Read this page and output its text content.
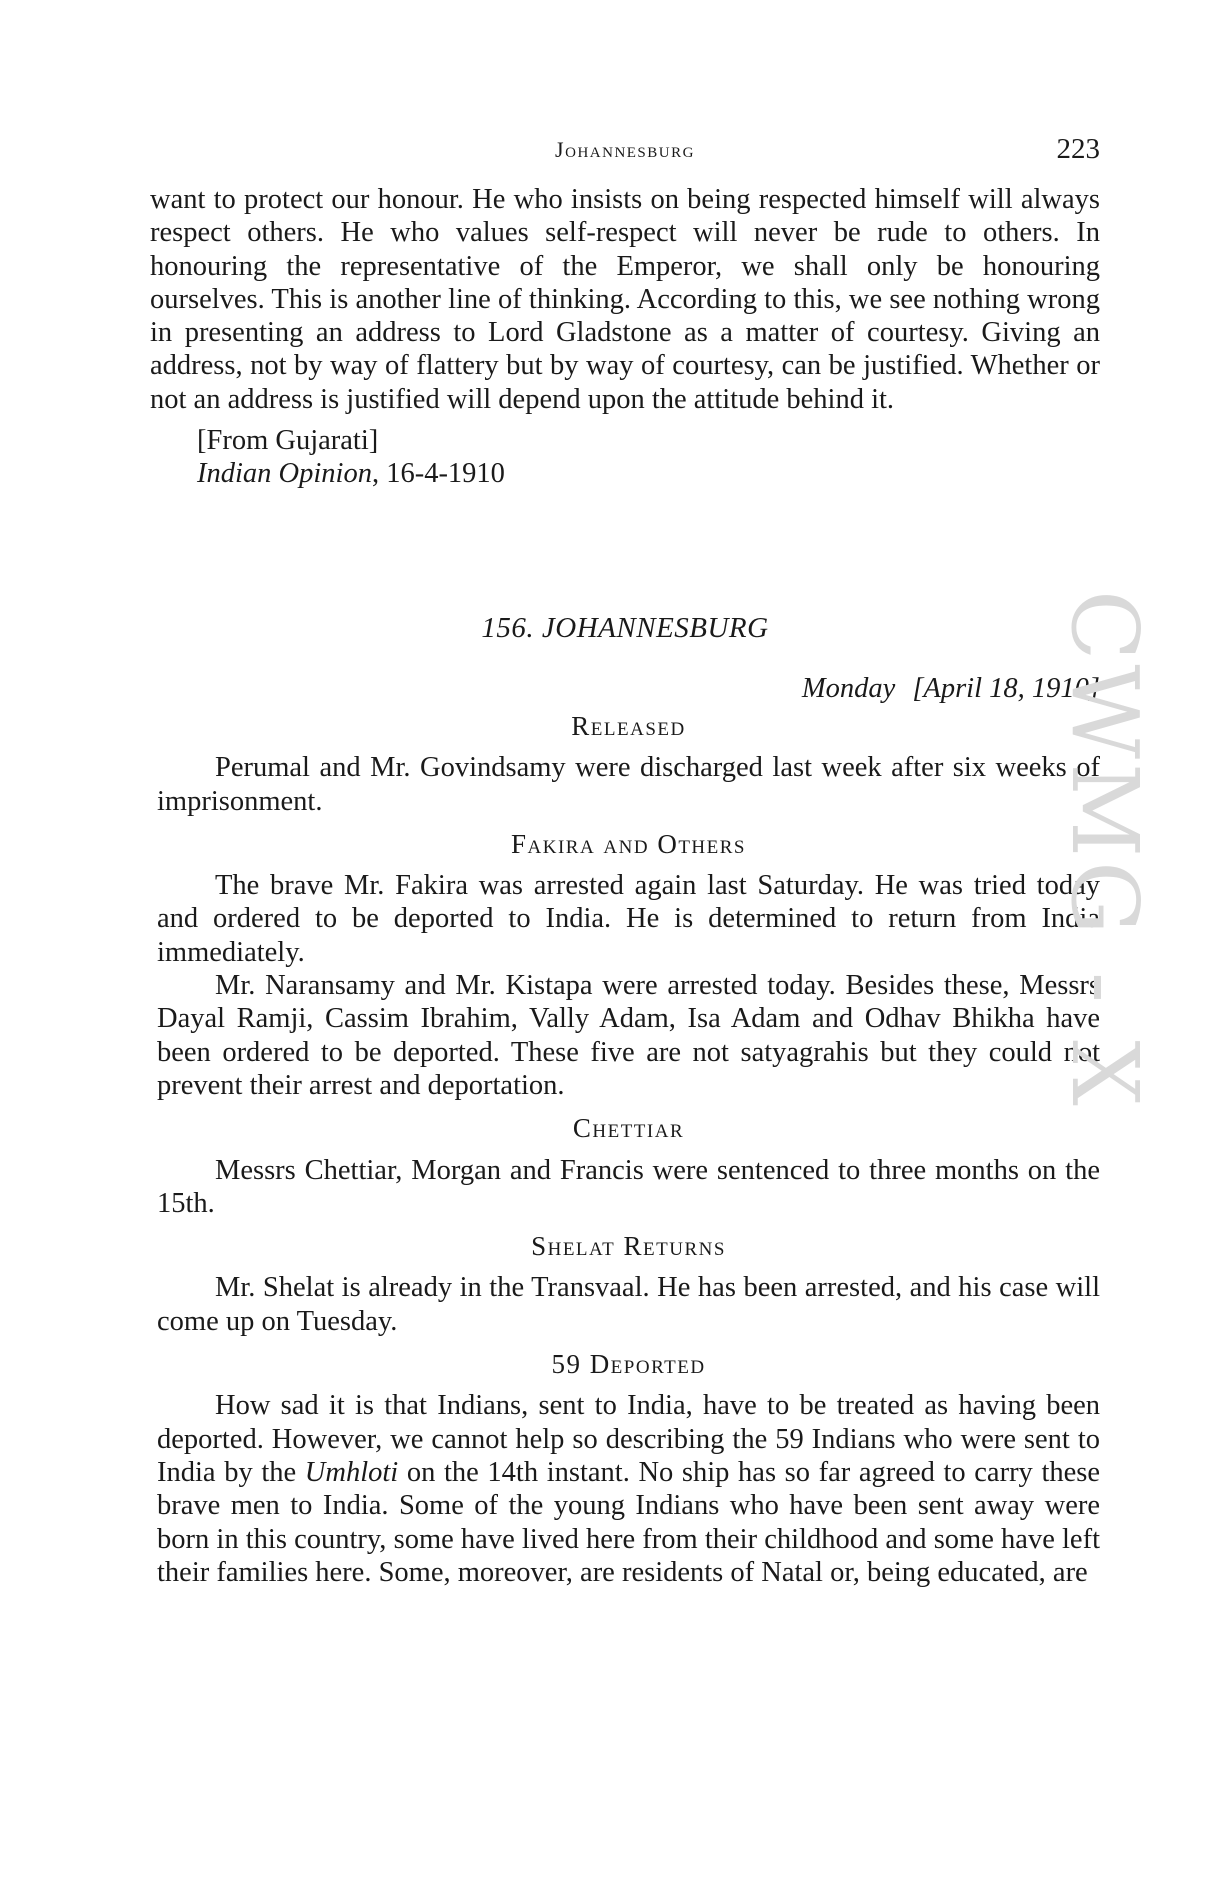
Johannesburg	223

want to protect our honour. He who insists on being respected himself will always respect others. He who values self-respect will never be rude to others. In honouring the representative of the Emperor, we shall only be honouring ourselves. This is another line of thinking. According to this, we see nothing wrong in presenting an address to Lord Gladstone as a matter of courtesy. Giving an address, not by way of flattery but by way of courtesy, can be justified. Whether or not an address is justified will depend upon the attitude behind it.

[From Gujarati]
Indian Opinion, 16-4-1910
156. JOHANNESBURG
Monday [April 18, 1910]
Released

Perumal and Mr. Govindsamy were discharged last week after six weeks of imprisonment.

Fakira and Others

The brave Mr. Fakira was arrested again last Saturday. He was tried today and ordered to be deported to India. He is determined to return from India immediately.

Mr. Naransamy and Mr. Kistapa were arrested today. Besides these, Messrs Dayal Ramji, Cassim Ibrahim, Vally Adam, Isa Adam and Odhav Bhikha have been ordered to be deported. These five are not satyagrahis but they could not prevent their arrest and deportation.

Chettiar

Messrs Chettiar, Morgan and Francis were sentenced to three months on the 15th.

Shelat Returns

Mr. Shelat is already in the Transvaal. He has been arrested, and his case will come up on Tuesday.

59 Deported

How sad it is that Indians, sent to India, have to be treated as having been deported. However, we cannot help so describing the 59 Indians who were sent to India by the Umhloti on the 14th instant. No ship has so far agreed to carry these brave men to India. Some of the young Indians who have been sent away were born in this country, some have lived here from their childhood and some have left their families here. Some, moreover, are residents of Natal or, being educated, are

CWMG - X
